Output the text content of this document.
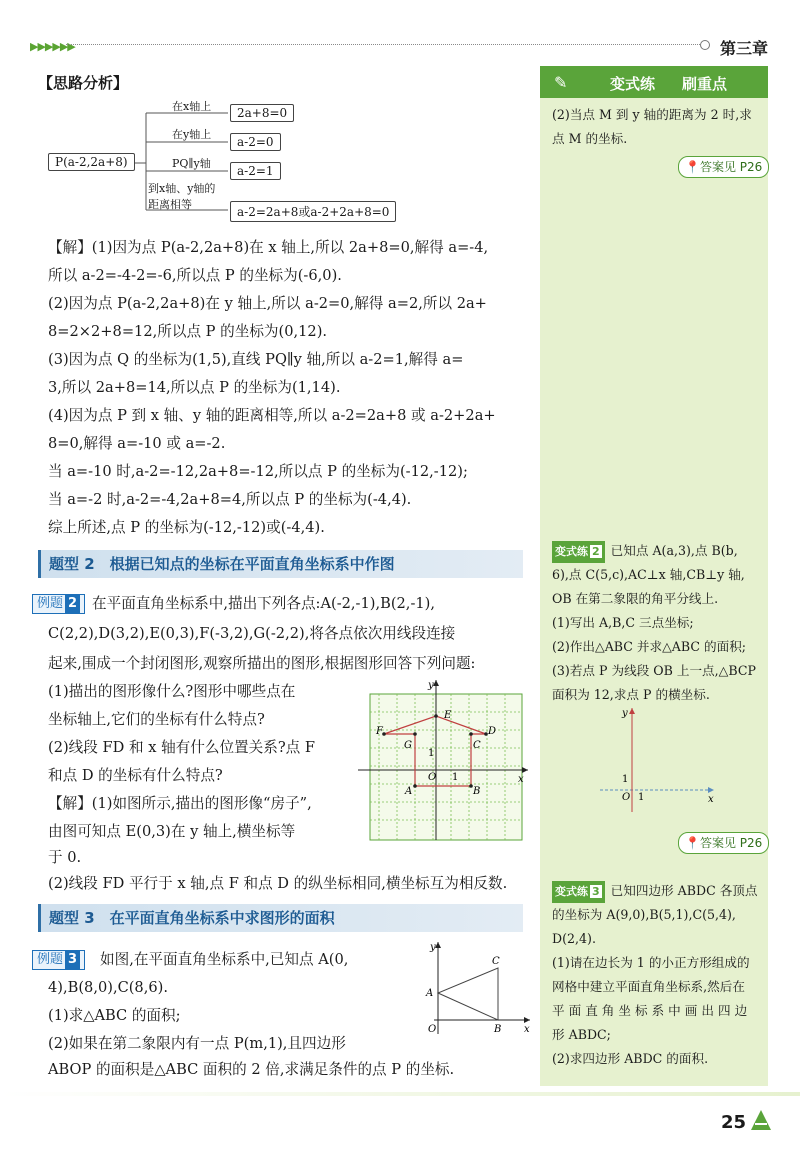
▶▶▶▶▶▶	第三章
【思路分析】
P(a-2,2a+8)
在x轴上	2a+8=0
在y轴上
a-2=0
PQ∥y轴
a-2=1
到x轴、y轴的
距离相等
a-2=2a+8或a-2+2a+8=0
【解】(1)因为点 P(a-2,2a+8)在 x 轴上,所以 2a+8=0,解得 a=-4,
所以 a-2=-4-2=-6,所以点 P 的坐标为(-6,0).
(2)因为点 P(a-2,2a+8)在 y 轴上,所以 a-2=0,解得 a=2,所以 2a+
8=2×2+8=12,所以点 P 的坐标为(0,12).
(3)因为点 Q 的坐标为(1,5),直线 PQ∥y 轴,所以 a-2=1,解得 a=
3,所以 2a+8=14,所以点 P 的坐标为(1,14).
(4)因为点 P 到 x 轴、y 轴的距离相等,所以 a-2=2a+8 或 a-2+2a+
8=0,解得 a=-10 或 a=-2.
当 a=-10 时,a-2=-12,2a+8=-12,所以点 P 的坐标为(-12,-12);
当 a=-2 时,a-2=-4,2a+8=4,所以点 P 的坐标为(-4,4).
综上所述,点 P 的坐标为(-12,-12)或(-4,4).
题型 2　根据已知点的坐标在平面直角坐标系中作图
例题 2	在平面直角坐标系中,描出下列各点:A(-2,-1),B(2,-1),
C(2,2),D(3,2),E(0,3),F(-3,2),G(-2,2),将各点依次用线段连接
起来,围成一个封闭图形,观察所描出的图形,根据图形回答下列问题:
(1)描出的图形像什么?图形中哪些点在
坐标轴上,它们的坐标有什么特点?
(2)线段 FD 和 x 轴有什么位置关系?点 F
和点 D 的坐标有什么特点?
【解】(1)如图所示,描出的图形像“房子”,
由图可知点 E(0,3)在 y 轴上,横坐标等
于 0.
(2)线段 FD 平行于 x 轴,点 F 和点 D 的纵坐标相同,横坐标互为相反数.
A	B
C
D
E
F
G
x
y
O 1
1
题型 3　在平面直角坐标系中求图形的面积
例题 3	如图,在平面直角坐标系中,已知点 A(0,
4),B(8,0),C(8,6).
(1)求△ABC 的面积;
(2)如果在第二象限内有一点 P(m,1),且四边形
ABOP 的面积是△ABC 面积的 2 倍,求满足条件的点 P 的坐标.
A
B
C
x
y
O
✎	变式练 刷重点
(2)当点 M 到 y 轴的距离为 2 时,求
点 M 的坐标.
📍答案见 P26
变式练 2 已知点 A(a,3),点 B(b,
6),点 C(5,c),AC⊥x 轴,CB⊥y 轴,
OB 在第二象限的角平分线上.
(1)写出 A,B,C 三点坐标;
(2)作出△ABC 并求△ABC 的面积;
(3)若点 P 为线段 OB 上一点,△BCP
面积为 12,求点 P 的横坐标.
x
y
O 1
1
📍答案见 P26
变式练 3 已知四边形 ABDC 各顶点
的坐标为 A(9,0),B(5,1),C(5,4),
D(2,4).
(1)请在边长为 1 的小正方形组成的
网格中建立平面直角坐标系,然后在
平 面 直 角 坐 标 系 中 画 出 四 边
形 ABDC;
(2)求四边形 ABDC 的面积.
25
